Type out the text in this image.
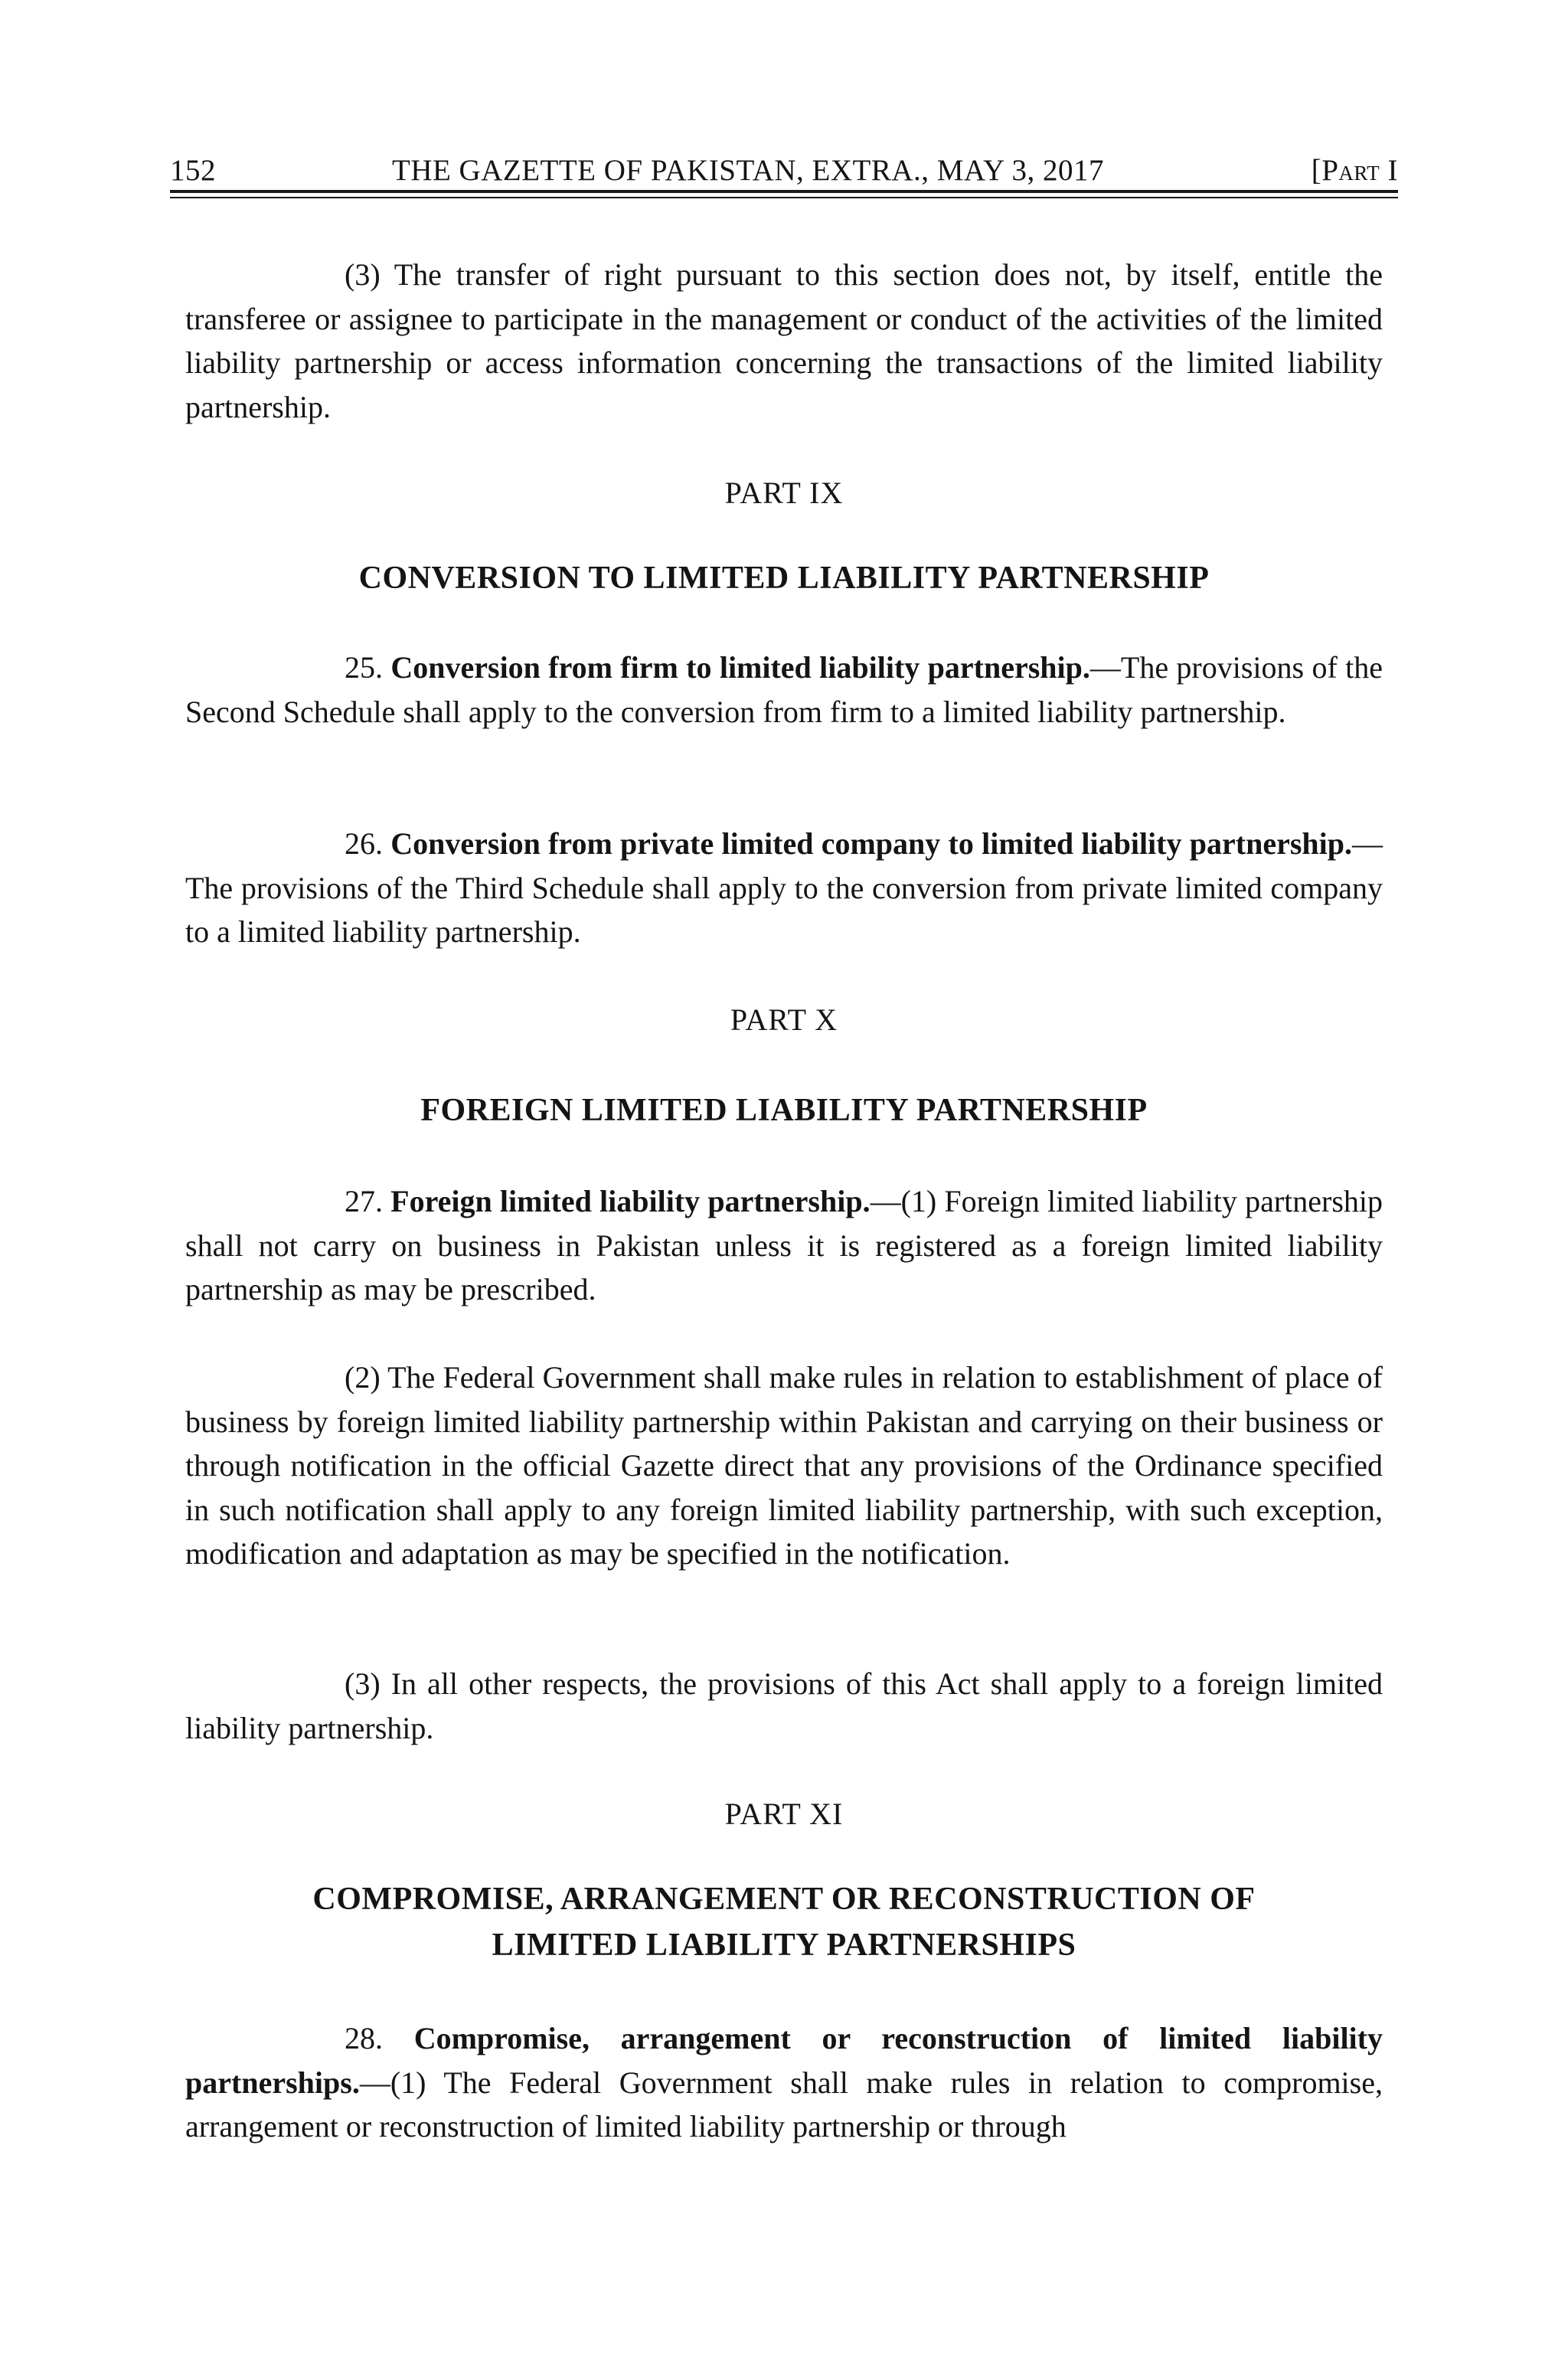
152	THE GAZETTE OF PAKISTAN, EXTRA., MAY 3, 2017	[Part I

(3) The transfer of right pursuant to this section does not, by itself, entitle the transferee or assignee to participate in the management or conduct of the activities of the limited liability partnership or access information concerning the transactions of the limited liability partnership.

PART IX

CONVERSION TO LIMITED LIABILITY PARTNERSHIP

25. Conversion from firm to limited liability partnership.—The provisions of the Second Schedule shall apply to the conversion from firm to a limited liability partnership.

26. Conversion from private limited company to limited liability partnership.—The provisions of the Third Schedule shall apply to the conversion from private limited company to a limited liability partnership.

PART X

FOREIGN LIMITED LIABILITY PARTNERSHIP

27. Foreign limited liability partnership.—(1) Foreign limited liability partnership shall not carry on business in Pakistan unless it is registered as a foreign limited liability partnership as may be prescribed.

(2) The Federal Government shall make rules in relation to establishment of place of business by foreign limited liability partnership within Pakistan and carrying on their business or through notification in the official Gazette direct that any provisions of the Ordinance specified in such notification shall apply to any foreign limited liability partnership, with such exception, modification and adaptation as may be specified in the notification.

(3) In all other respects, the provisions of this Act shall apply to a foreign limited liability partnership.

PART XI

COMPROMISE, ARRANGEMENT OR RECONSTRUCTION OF

LIMITED LIABILITY PARTNERSHIPS

28. Compromise, arrangement or reconstruction of limited liability partnerships.—(1) The Federal Government shall make rules in relation to compromise, arrangement or reconstruction of limited liability partnership or through
